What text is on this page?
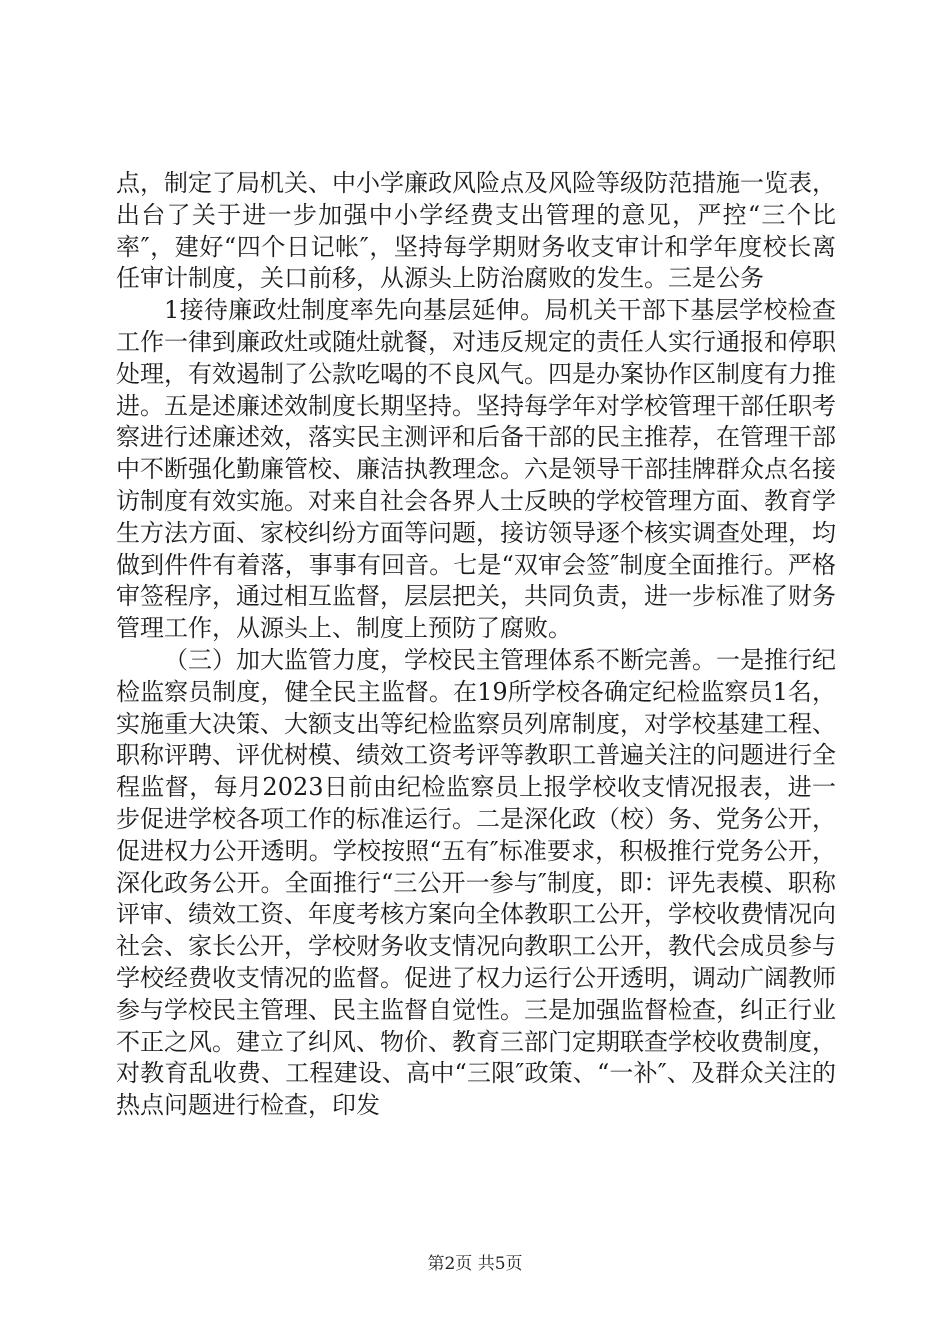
点，制定了局机关、中小学廉政风险点及风险等级防范措施一览表，出台了关于进一步加强中小学经费支出管理的意见，严控“三个比率″，建好“四个日记帐″，坚持每学期财务收支审计和学年度校长离任审计制度，关口前移，从源头上防治腐败的发生。三是公务

1接待廉政灶制度率先向基层延伸。局机关干部下基层学校检查工作一律到廉政灶或随灶就餐，对违反规定的责任人实行通报和停职处理，有效遏制了公款吃喝的不良风气。四是办案协作区制度有力推进。五是述廉述效制度长期坚持。坚持每学年对学校管理干部任职考察进行述廉述效，落实民主测评和后备干部的民主推荐，在管理干部中不断强化勤廉管校、廉洁执教理念。六是领导干部挂牌群众点名接访制度有效实施。对来自社会各界人士反映的学校管理方面、教育学生方法方面、家校纠纷方面等问题，接访领导逐个核实调查处理，均做到件件有着落，事事有回音。七是“双审会签″制度全面推行。严格审签程序，通过相互监督，层层把关，共同负责，进一步标准了财务管理工作，从源头上、制度上预防了腐败。

（三）加大监管力度，学校民主管理体系不断完善。一是推行纪检监察员制度，健全民主监督。在19所学校各确定纪检监察员1名，实施重大决策、大额支出等纪检监察员列席制度，对学校基建工程、职称评聘、评优树模、绩效工资考评等教职工普遍关注的问题进行全程监督，每月2023日前由纪检监察员上报学校收支情况报表，进一步促进学校各项工作的标准运行。二是深化政（校）务、党务公开，促进权力公开透明。学校按照“五有″标准要求，积极推行党务公开，深化政务公开。全面推行“三公开一参与″制度，即：评先表模、职称评审、绩效工资、年度考核方案向全体教职工公开，学校收费情况向社会、家长公开，学校财务收支情况向教职工公开，教代会成员参与学校经费收支情况的监督。促进了权力运行公开透明，调动广阔教师参与学校民主管理、民主监督自觉性。三是加强监督检查，纠正行业不正之风。建立了纠风、物价、教育三部门定期联查学校收费制度，对教育乱收费、工程建设、高中“三限″政策、“一补″、及群众关注的热点问题进行检查，印发

第2页 共5页
